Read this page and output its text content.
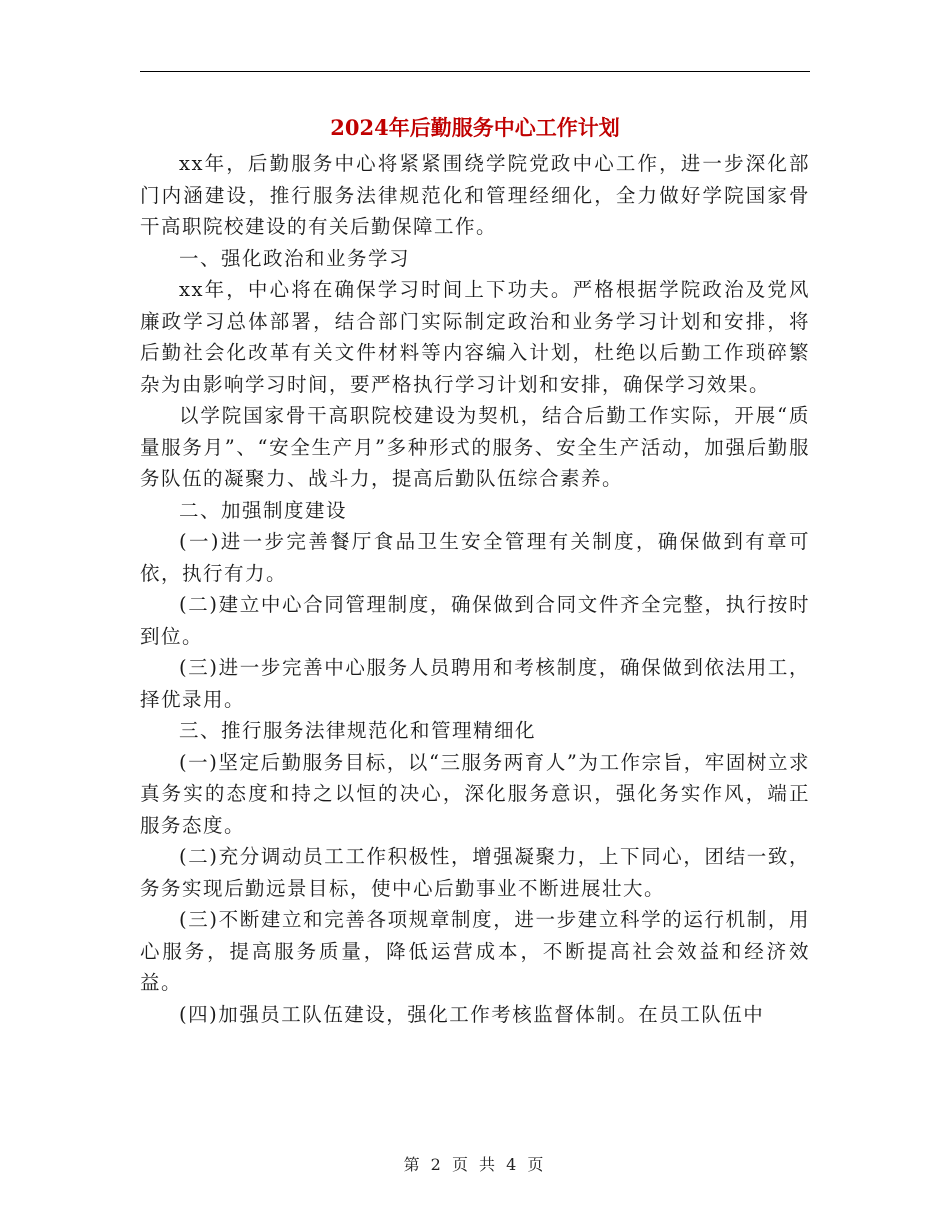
2024年后勤服务中心工作计划

xx年，后勤服务中心将紧紧围绕学院党政中心工作，进一步深化部门内涵建设，推行服务法律规范化和管理经细化，全力做好学院国家骨干高职院校建设的有关后勤保障工作。

一、强化政治和业务学习

xx年，中心将在确保学习时间上下功夫。严格根据学院政治及党风廉政学习总体部署，结合部门实际制定政治和业务学习计划和安排，将后勤社会化改革有关文件材料等内容编入计划，杜绝以后勤工作琐碎繁杂为由影响学习时间，要严格执行学习计划和安排，确保学习效果。

以学院国家骨干高职院校建设为契机，结合后勤工作实际，开展“质量服务月”、“安全生产月”多种形式的服务、安全生产活动，加强后勤服务队伍的凝聚力、战斗力，提高后勤队伍综合素养。

二、加强制度建设

(一)进一步完善餐厅食品卫生安全管理有关制度，确保做到有章可依，执行有力。

(二)建立中心合同管理制度，确保做到合同文件齐全完整，执行按时到位。

(三)进一步完善中心服务人员聘用和考核制度，确保做到依法用工，择优录用。

三、推行服务法律规范化和管理精细化

(一)坚定后勤服务目标，以“三服务两育人”为工作宗旨，牢固树立求真务实的态度和持之以恒的决心，深化服务意识，强化务实作风，端正服务态度。

(二)充分调动员工工作积极性，增强凝聚力，上下同心，团结一致，务务实现后勤远景目标，使中心后勤事业不断进展壮大。

(三)不断建立和完善各项规章制度，进一步建立科学的运行机制，用心服务，提高服务质量，降低运营成本，不断提高社会效益和经济效益。

(四)加强员工队伍建设，强化工作考核监督体制。在员工队伍中

第 2 页 共 4 页
